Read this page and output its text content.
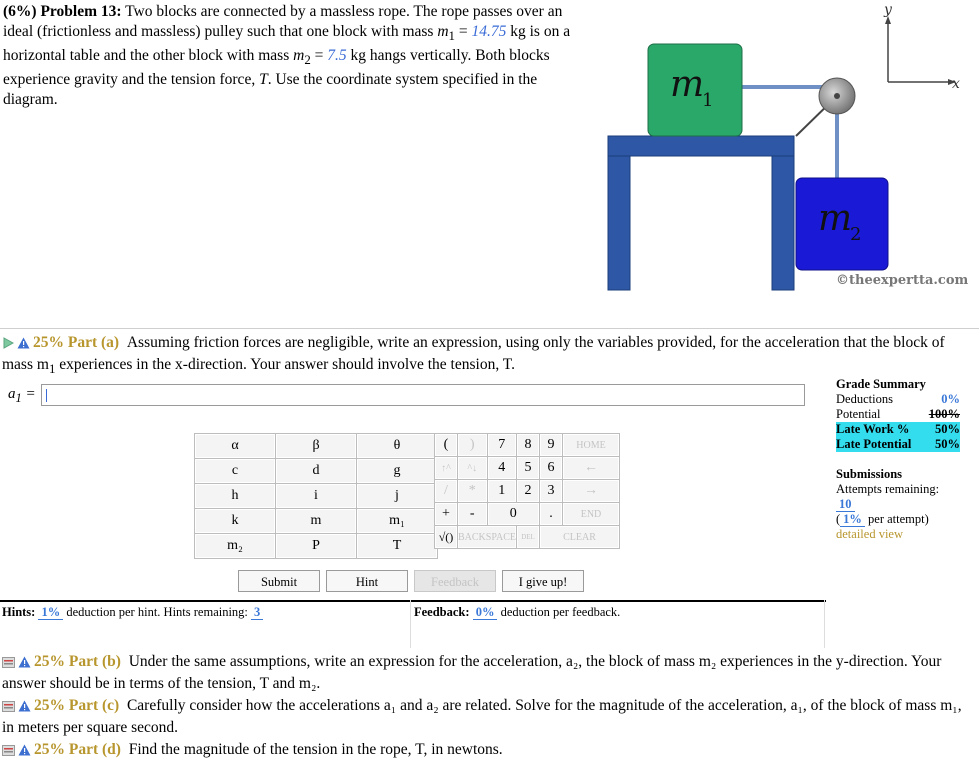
(6%) Problem 13: Two blocks are connected by a massless rope. The rope passes over an ideal (frictionless and massless) pulley such that one block with mass $m_1 = 14.75$ kg is on a horizontal table and the other block with mass $m_2 = 7.5$ kg hangs vertically. Both blocks experience gravity and the tension force, T. Use the coordinate system specified in the diagram.	m
1
m
2
y
x
©theexpertta.com
25% Part (a) Assuming friction forces are negligible, write an expression, using only the variables provided, for the acceleration that the block of mass $m_1$ experiences in the x-direction. Your answer should involve the tension, T.
$a_1$ =
α	β	θ
c	d	g
h	i	j
k	m	m₁
m₂	P	T
(	)	7	8	9	HOME
↑^	^↓	4	5	6	←
/	*	1	2	3	→
+	-	0		.	END
√()	BACKSPACE		DEL	CLEAR	
Grade Summary
Deductions	0%
Potential	100%
Late Work % 50%
Late Potential 50%
Submissions
Attempts remaining: 10
( 1% per attempt)
detailed view
Submit	Hint	Feedback	I give up!
Hints: 1% deduction per hint. Hints remaining: 3	Feedback: 0% deduction per feedback.
25% Part (b) Under the same assumptions, write an expression for the acceleration, a₂, the block of mass m₂ experiences in the y-direction. Your answer should be in terms of the tension, T and m₂.
25% Part (c) Carefully consider how the accelerations a₁ and a₂ are related. Solve for the magnitude of the acceleration, a₁, of the block of mass m₁, in meters per square second.
25% Part (d) Find the magnitude of the tension in the rope, T, in newtons.
